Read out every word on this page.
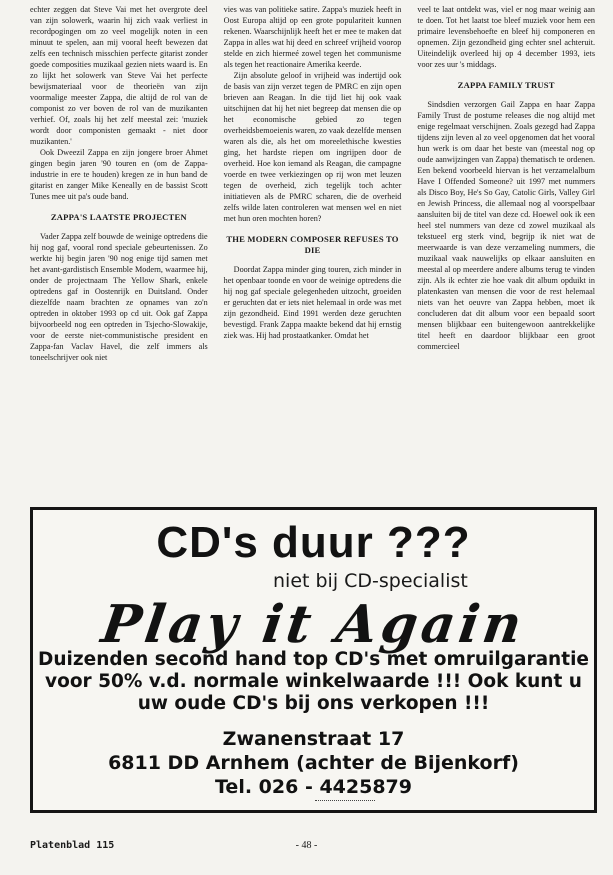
echter zeggen dat Steve Vai met het overgrote deel van zijn solowerk, waarin hij zich vaak verliest in recordpogingen om zo veel mogelijk noten in een minuut te spelen, aan mij vooral heeft bewezen dat zelfs een technisch misschien perfecte gitarist zonder goede composities muzikaal gezien niets waard is. En zo lijkt het solowerk van Steve Vai het perfecte bewijsmateriaal voor de theorieën van zijn voormalige meester Zappa, die altijd de rol van de componist zo ver boven de rol van de muzikanten verhief. Of, zoals hij het zelf meestal zei: 'muziek wordt door componisten gemaakt - niet door muzikanten.'

Ook Dweezil Zappa en zijn jongere broer Ahmet gingen begin jaren '90 touren en (om de Zappa-industrie in ere te houden) kregen ze in hun band de gitarist en zanger Mike Keneally en de bassist Scott Tunes mee uit pa's oude band.

ZAPPA'S LAATSTE PROJECTEN

Vader Zappa zelf bouwde de weinige optredens die hij nog gaf, vooral rond speciale gebeurtenissen. Zo werkte hij begin jaren '90 nog enige tijd samen met het avant-gardistisch Ensemble Modern, waarmee hij, onder de projectnaam The Yellow Shark, enkele optredens gaf in Oostenrijk en Duitsland. Onder diezelfde naam brachten ze opnames van zo'n optreden in oktober 1993 op cd uit. Ook gaf Zappa bijvoorbeeld nog een optreden in Tsjecho-Slowakije, voor de eerste niet-communistische president en Zappa-fan Vaclav Havel, die zelf immers als toneelschrijver ook niet

vies was van politieke satire. Zappa's muziek heeft in Oost Europa altijd op een grote populariteit kunnen rekenen. Waarschijnlijk heeft het er mee te maken dat Zappa in alles wat hij deed en schreef vrijheid voorop stelde en zich hiermeé zowel tegen het communisme als tegen het reactionaire Amerika keerde.

Zijn absolute geloof in vrijheid was indertijd ook de basis van zijn verzet tegen de PMRC en zijn open brieven aan Reagan. In die tijd liet hij ook vaak uitschijnen dat hij het niet begreep dat mensen die op het economische gebied zo tegen overheidsbemoeienis waren, zo vaak dezelfde mensen waren als die, als het om moreelethische kwesties ging, het hardste riepen om ingrijpen door de overheid. Hoe kon iemand als Reagan, die campagne voerde en twee verkiezingen op rij won met leuzen tegen de overheid, zich tegelijk toch achter initiatieven als de PMRC scharen, die de overheid zelfs wilde laten controleren wat mensen wel en niet met hun oren mochten horen?

THE MODERN COMPOSER REFUSES TO DIE

Doordat Zappa minder ging touren, zich minder in het openbaar toonde en voor de weinige optredens die hij nog gaf speciale gelegenheden uitzocht, groeiden er geruchten dat er iets niet helemaal in orde was met zijn gezondheid. Eind 1991 werden deze geruchten bevestigd. Frank Zappa maakte bekend dat hij ernstig ziek was. Hij had prostaatkanker. Omdat het

veel te laat ontdekt was, viel er nog maar weinig aan te doen. Tot het laatst toe bleef muziek voor hem een primaire levensbehoefte en bleef hij componeren en opnemen. Zijn gezondheid ging echter snel achteruit. Uiteindelijk overleed hij op 4 december 1993, iets voor zes uur 's middags.

ZAPPA FAMILY TRUST

Sindsdien verzorgen Gail Zappa en haar Zappa Family Trust de postume releases die nog altijd met enige regelmaat verschijnen. Zoals gezegd had Zappa tijdens zijn leven al zo veel opgenomen dat het vooral hun werk is om daar het beste van (meestal nog op oude aanwijzingen van Zappa) thematisch te ordenen. Een bekend voorbeeld hiervan is het verzamelalbum Have I Offended Someone? uit 1997 met nummers als Disco Boy, He's So Gay, Catolic Girls, Valley Girl en Jewish Princess, die allemaal nog al voorspelbaar aansluiten bij de titel van deze cd. Hoewel ook ik een heel stel nummers van deze cd zowel muzikaal als tekstueel erg sterk vind, begrijp ik niet wat de meerwaarde is van deze verzameling nummers, die muzikaal vaak nauwelijks op elkaar aansluiten en meestal al op meerdere andere albums terug te vinden zijn. Als ik echter zie hoe vaak dit album opduikt in platenkasten van mensen die voor de rest helemaal niets van het oeuvre van Zappa hebben, moet ik concluderen dat dit album voor een bepaald soort mensen blijkbaar een buitengewoon aantrekkelijke titel heeft en daardoor blijkbaar een groot commercieel

CD's duur ???
niet bij CD-specialist
Play it Again
Duizenden second hand top CD's met omruilgarantie
voor 50% v.d. normale winkelwaarde !!! Ook kunt u
uw oude CD's bij ons verkopen !!!
Zwanenstraat 17
6811 DD Arnhem (achter de Bijenkorf)
Tel. 026 - 4425879
Platenblad 115	- 48 -
